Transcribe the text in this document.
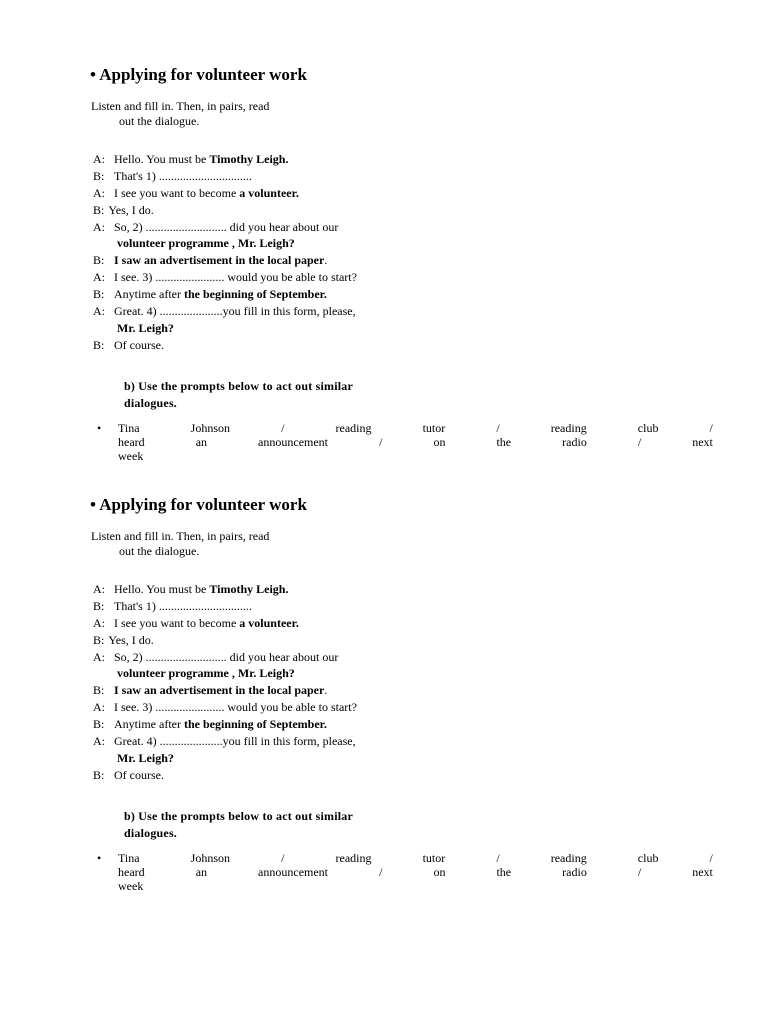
• Applying for volunteer work
Listen and fill in. Then, in pairs, read
out the dialogue.
A: Hello. You must be Timothy Leigh.
B: That's 1) ...............................
A: I see you want to become a volunteer.
B: Yes, I do.
A: So, 2) ........................... did you hear about our
volunteer programme , Mr. Leigh?
B: I saw an advertisement in the local paper.
A: I see. 3) ....................... would you be able to start?
B: Anytime after the beginning of September.
A: Great. 4) .....................you fill in this form, please,
Mr. Leigh?
B: Of course.
b) Use the prompts below to act out similar
dialogues.
• Tina	Johnson	/	reading	tutor	/	reading	club	/
heard	an	announcement	/	on	the	radio	/	next
week
• Applying for volunteer work
Listen and fill in. Then, in pairs, read
out the dialogue.
A: Hello. You must be Timothy Leigh.
B: That's 1) ...............................
A: I see you want to become a volunteer.
B: Yes, I do.
A: So, 2) ........................... did you hear about our
volunteer programme , Mr. Leigh?
B: I saw an advertisement in the local paper.
A: I see. 3) ....................... would you be able to start?
B: Anytime after the beginning of September.
A: Great. 4) .....................you fill in this form, please,
Mr. Leigh?
B: Of course.
b) Use the prompts below to act out similar
dialogues.
• Tina	Johnson	/	reading	tutor	/	reading	club	/
heard	an	announcement	/	on	the	radio	/	next
week
